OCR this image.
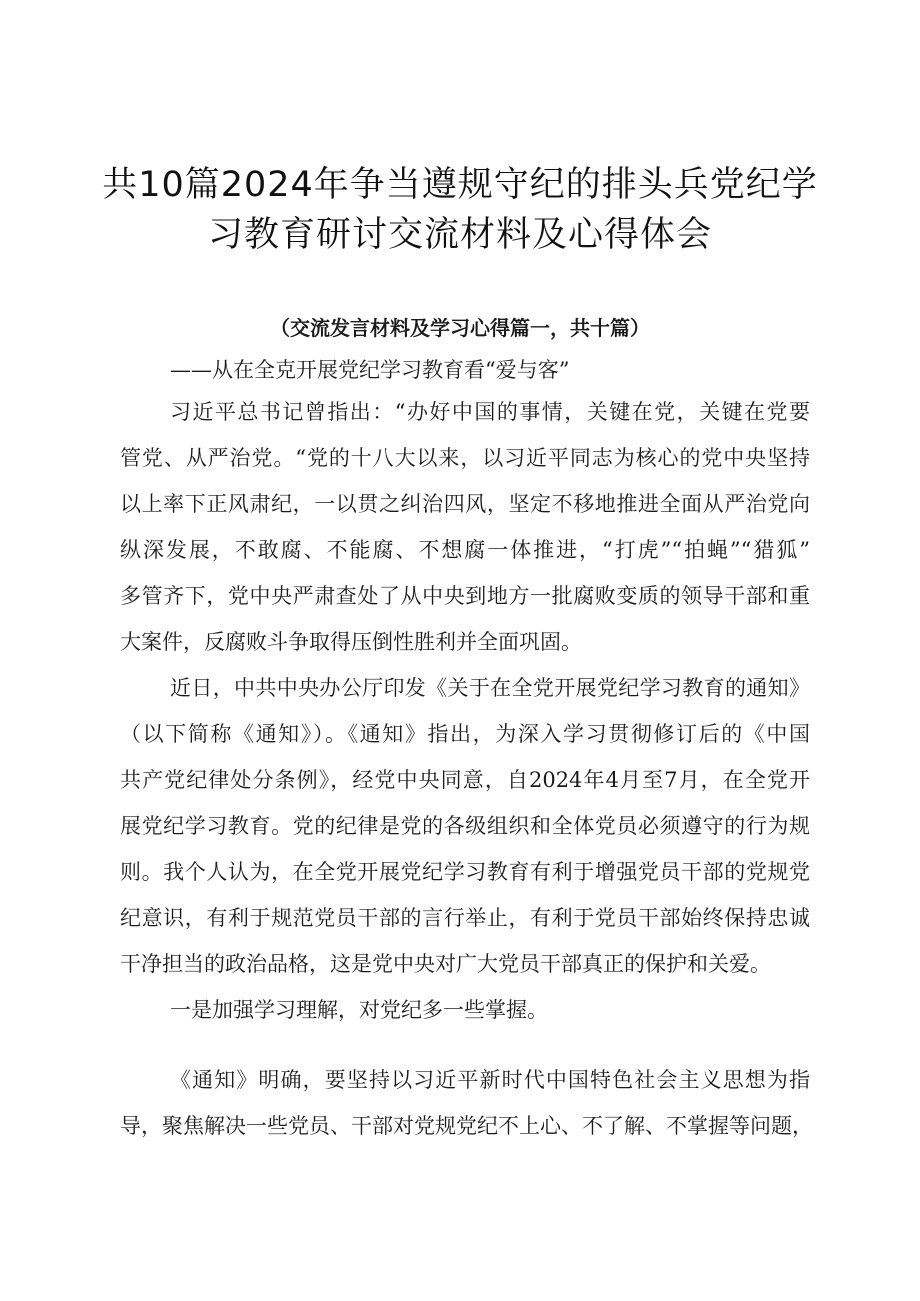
共10篇2024年争当遵规守纪的排头兵党纪学
习教育研讨交流材料及心得体会
（交流发言材料及学习心得篇一，共十篇）
——从在全克开展党纪学习教育看“爱与客”
习近平总书记曾指出：“办好中国的事情，关键在党，关键在党要
管党、从严治党。“党的十八大以来，以习近平同志为核心的党中央坚持
以上率下正风肃纪，一以贯之纠治四风，坚定不移地推进全面从严治党向
纵深发展，不敢腐、不能腐、不想腐一体推进，“打虎”“拍蝇”“猎狐”
多管齐下，党中央严肃查处了从中央到地方一批腐败变质的领导干部和重
大案件，反腐败斗争取得压倒性胜利并全面巩固。
近日，中共中央办公厅印发《关于在全党开展党纪学习教育的通知》
（以下简称《通知》）。《通知》指出，为深入学习贯彻修订后的《中国
共产党纪律处分条例》，经党中央同意，自2024年4月至7月，在全党开
展党纪学习教育。党的纪律是党的各级组织和全体党员必须遵守的行为规
则。我个人认为，在全党开展党纪学习教育有利于增强党员干部的党规党
纪意识，有利于规范党员干部的言行举止，有利于党员干部始终保持忠诚
干净担当的政治品格，这是党中央对广大党员干部真正的保护和关爱。
一是加强学习理解，对党纪多一些掌握。
《通知》明确，要坚持以习近平新时代中国特色社会主义思想为指
导，聚焦解决一些党员、干部对党规党纪不上心、不了解、不掌握等问题，
